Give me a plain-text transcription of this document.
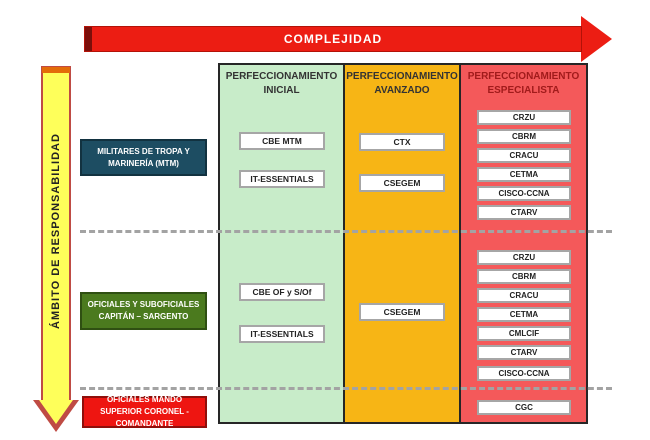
COMPLEJIDAD
ÁMBITO DE RESPONSABILIDAD
PERFECCIONAMIENTO INICIAL
PERFECCIONAMIENTO AVANZADO
PERFECCIONAMIENTO ESPECIALISTA
CBE MTM
IT-ESSENTIALS
CBE OF y S/Of
IT-ESSENTIALS
CTX
CSEGEM
CSEGEM
CRZU
CBRM
CRACU
CETMA
CISCO-CCNA
CTARV
CRZU
CBRM
CRACU
CETMA
CMLCIF
CTARV
CISCO-CCNA
CGC
MILITARES DE TROPA Y MARINERÍA (MTM)
OFICIALES Y SUBOFICIALES CAPITÁN – SARGENTO
OFICIALES MANDO SUPERIOR CORONEL - COMANDANTE
